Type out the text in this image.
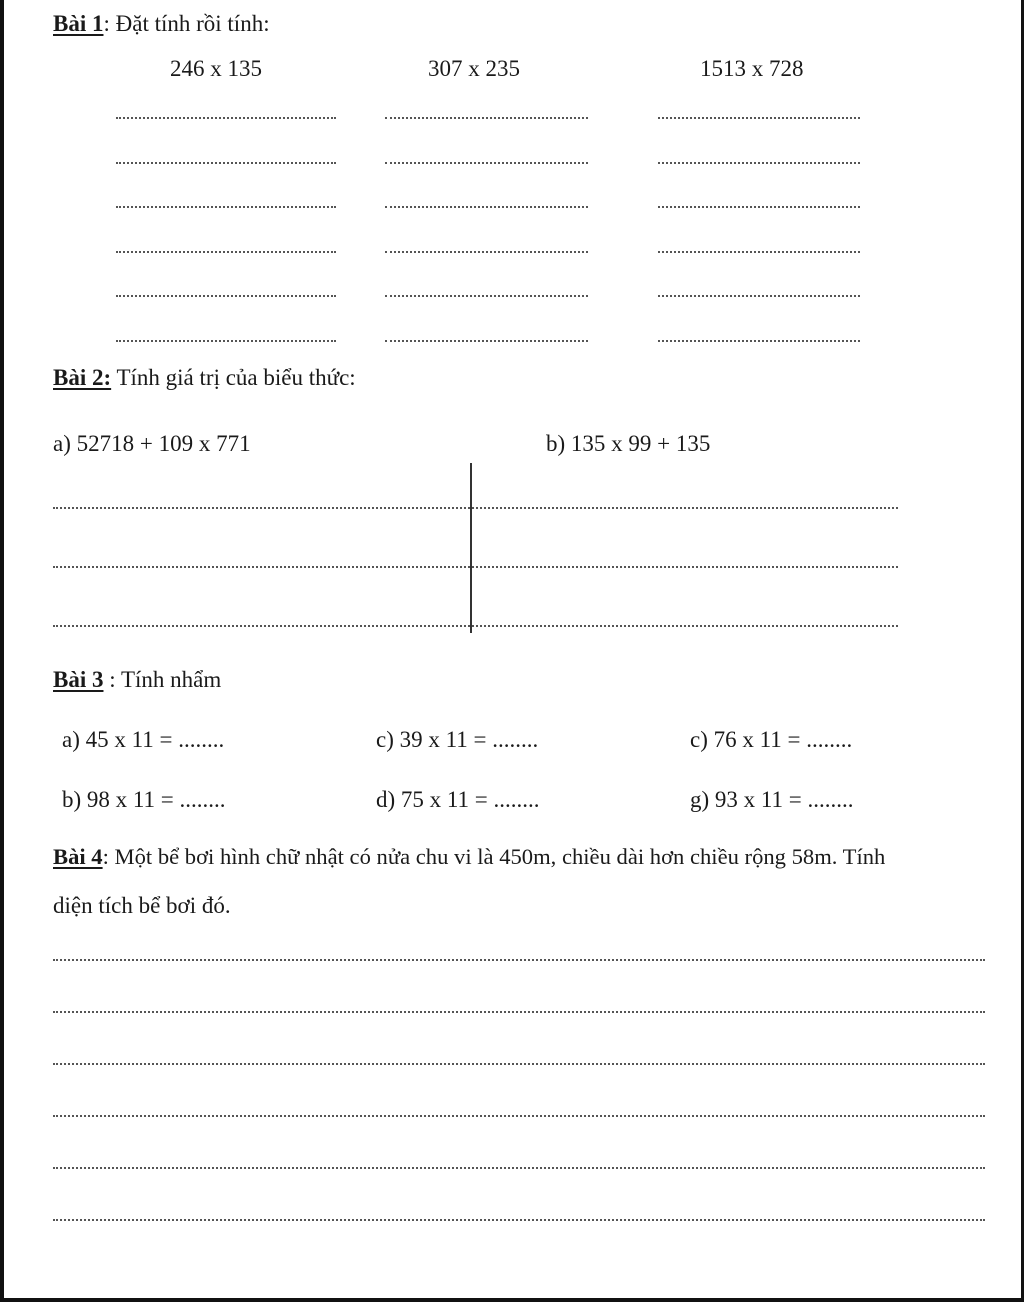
Bài 1: Đặt tính rồi tính:
246 x 135	307 x 235	1513 x 728
Bài 2: Tính giá trị của biểu thức:
a) 52718 + 109 x 771	b) 135 x 99 + 135
Bài 3 : Tính nhẩm
a) 45 x 11 = ........	c) 39 x 11 = ........	c) 76 x 11 = ........
b) 98 x 11 = ........	d) 75 x 11 = ........	g) 93 x 11 = ........
Bài 4: Một bể bơi hình chữ nhật có nửa chu vi là 450m, chiều dài hơn chiều rộng 58m. Tính
diện tích bể bơi đó.
